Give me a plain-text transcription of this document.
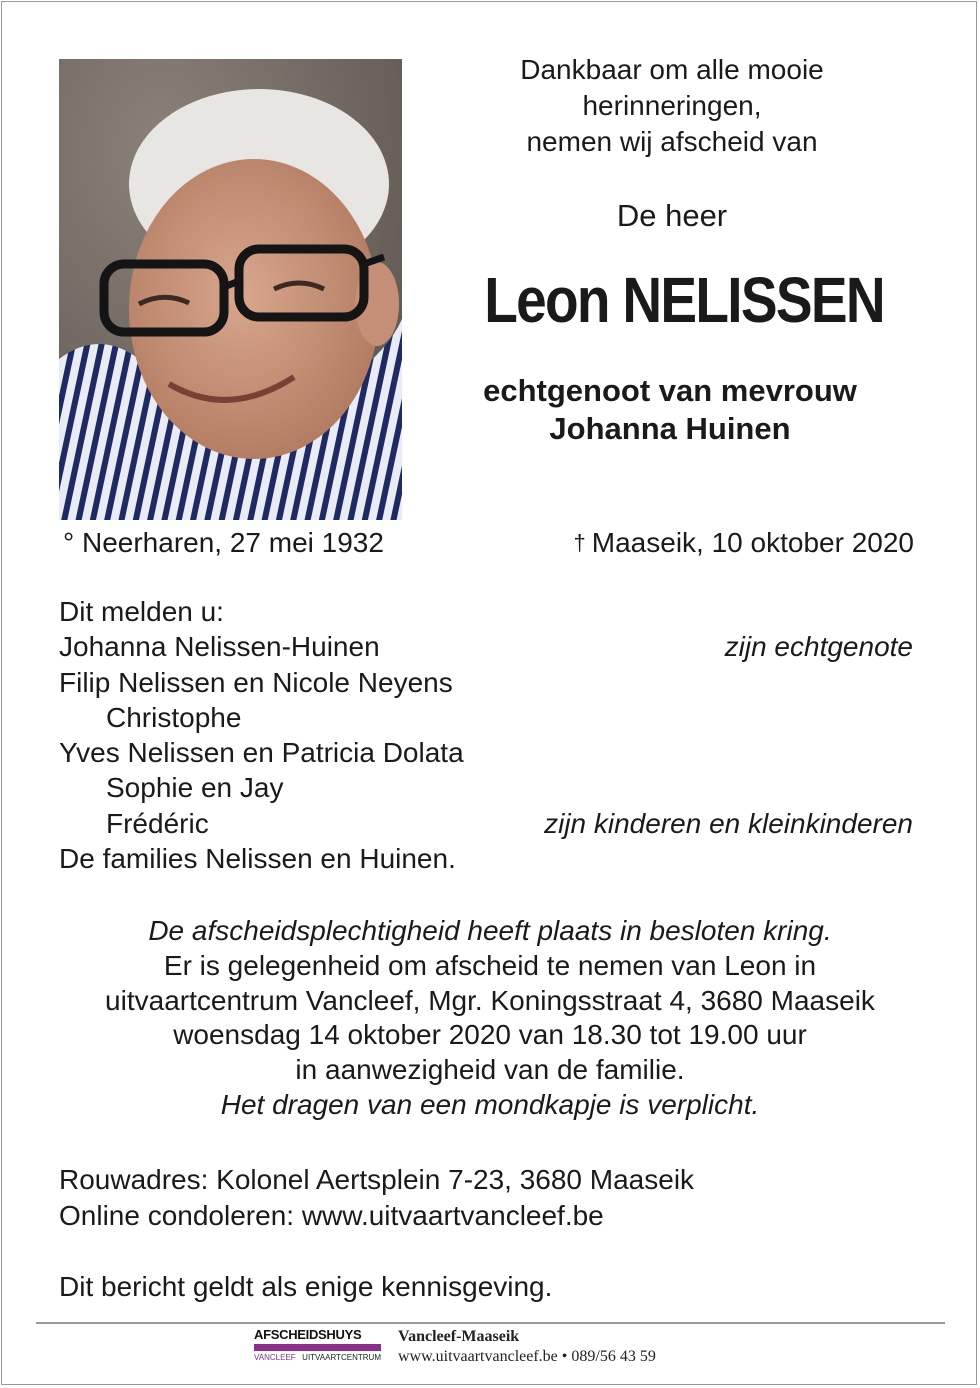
Dankbaar om alle mooie
herinneringen,
nemen wij afscheid van
De heer
Leon NELISSEN
echtgenoot van mevrouw
Johanna Huinen
° Neerharen, 27 mei 1932	† Maaseik, 10 oktober 2020
Dit melden u:
Johanna Nelissen-Huinen	zijn echtgenote
Filip Nelissen en Nicole Neyens
Christophe
Yves Nelissen en Patricia Dolata
Sophie en Jay
Frédéric	zijn kinderen en kleinkinderen
De families Nelissen en Huinen.
De afscheidsplechtigheid heeft plaats in besloten kring.
Er is gelegenheid om afscheid te nemen van Leon in
uitvaartcentrum Vancleef, Mgr. Koningsstraat 4, 3680 Maaseik
woensdag 14 oktober 2020 van 18.30 tot 19.00 uur
in aanwezigheid van de familie.
Het dragen van een mondkapje is verplicht.
Rouwadres: Kolonel Aertsplein 7-23, 3680 Maaseik
Online condoleren: www.uitvaartvancleef.be
Dit bericht geldt als enige kennisgeving.
AFSCHEIDSHUYS
VANCLEEF UITVAARTCENTRUM
Vancleef-Maaseik
www.uitvaartvancleef.be • 089/56 43 59
